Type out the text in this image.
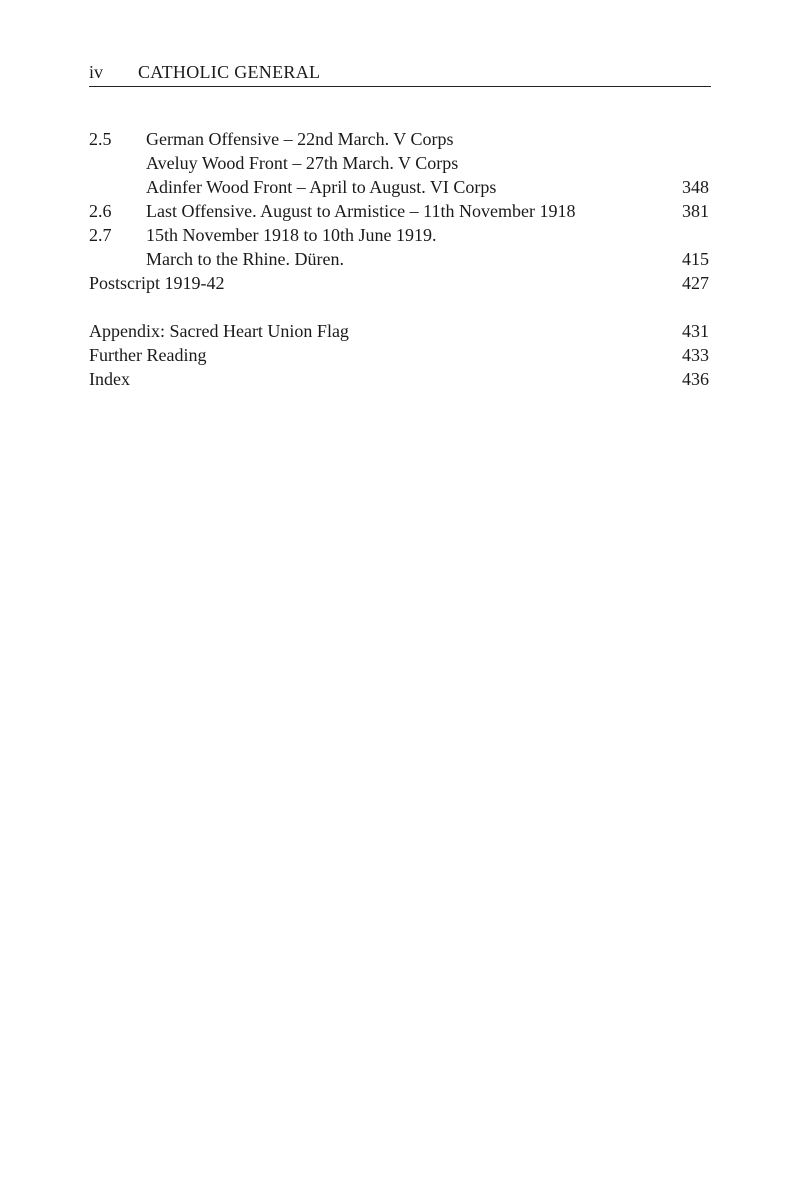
iv CATHOLIC GENERAL
2.5	German Offensive – 22nd March. V Corps
Aveluy Wood Front – 27th March. V Corps
Adinfer Wood Front – April to August. VI Corps	348
2.6	Last Offensive. August to Armistice – 11th November 1918	381
2.7	15th November 1918 to 10th June 1919.
March to the Rhine. Düren.	415
Postscript 1919-42	427
Appendix: Sacred Heart Union Flag	431
Further Reading	433
Index	436
